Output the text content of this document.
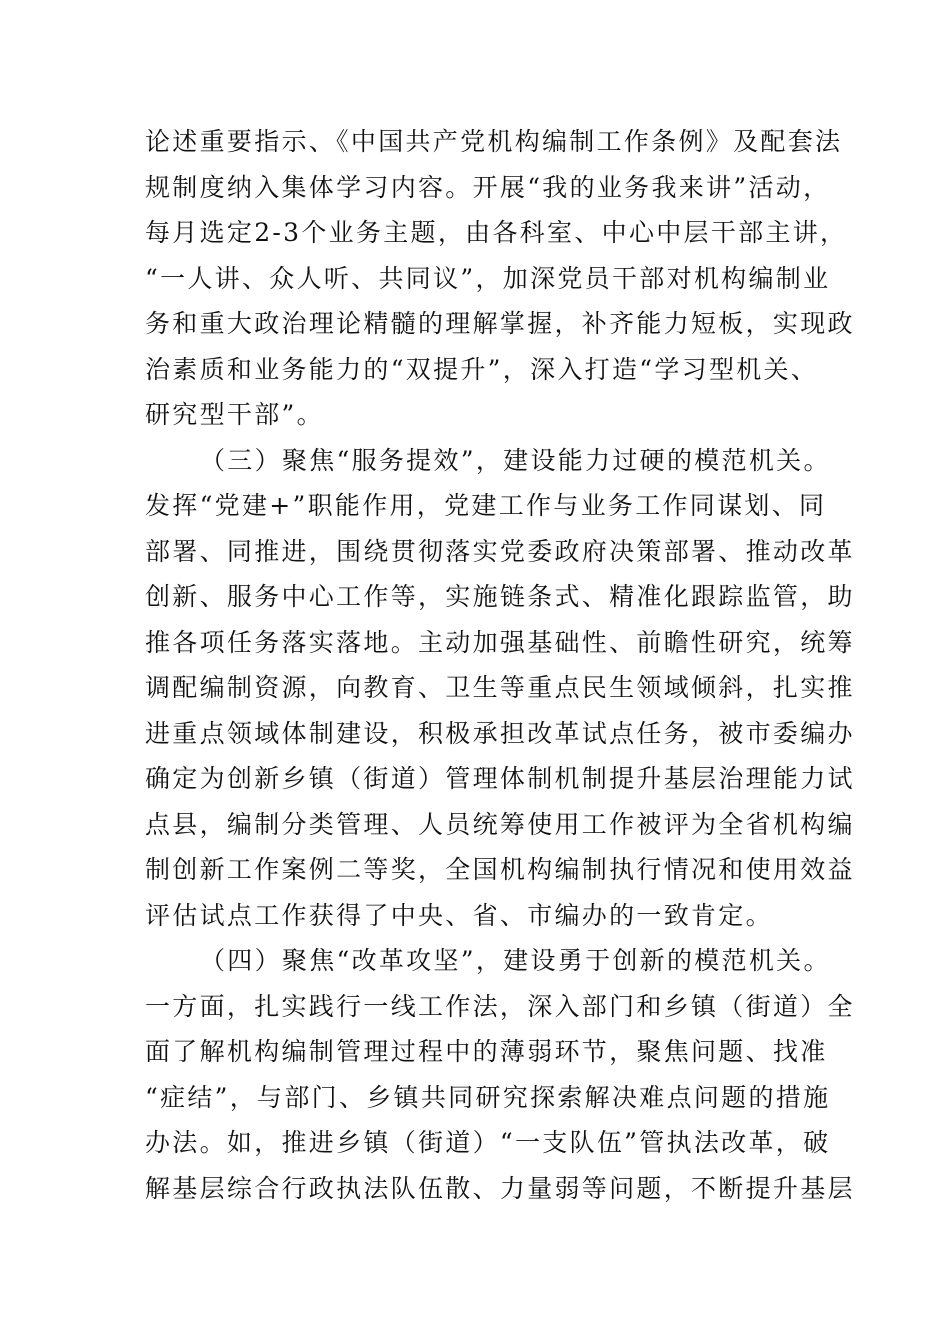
论述重要指示、《中国共产党机构编制工作条例》及配套法
规制度纳入集体学习内容。开展“我的业务我来讲”活动，
每月选定2-3个业务主题，由各科室、中心中层干部主讲，
“一人讲、众人听、共同议”，加深党员干部对机构编制业
务和重大政治理论精髓的理解掌握，补齐能力短板，实现政
治素质和业务能力的“双提升”，深入打造“学习型机关、
研究型干部”。
（三）聚焦“服务提效”，建设能力过硬的模范机关。
发挥“党建+”职能作用，党建工作与业务工作同谋划、同
部署、同推进，围绕贯彻落实党委政府决策部署、推动改革
创新、服务中心工作等，实施链条式、精准化跟踪监管，助
推各项任务落实落地。主动加强基础性、前瞻性研究，统筹
调配编制资源，向教育、卫生等重点民生领域倾斜，扎实推
进重点领域体制建设，积极承担改革试点任务，被市委编办
确定为创新乡镇（街道）管理体制机制提升基层治理能力试
点县，编制分类管理、人员统筹使用工作被评为全省机构编
制创新工作案例二等奖，全国机构编制执行情况和使用效益
评估试点工作获得了中央、省、市编办的一致肯定。
（四）聚焦“改革攻坚”，建设勇于创新的模范机关。
一方面，扎实践行一线工作法，深入部门和乡镇（街道）全
面了解机构编制管理过程中的薄弱环节，聚焦问题、找准
“症结”，与部门、乡镇共同研究探索解决难点问题的措施
办法。如，推进乡镇（街道）“一支队伍”管执法改革，破
解基层综合行政执法队伍散、力量弱等问题，不断提升基层
